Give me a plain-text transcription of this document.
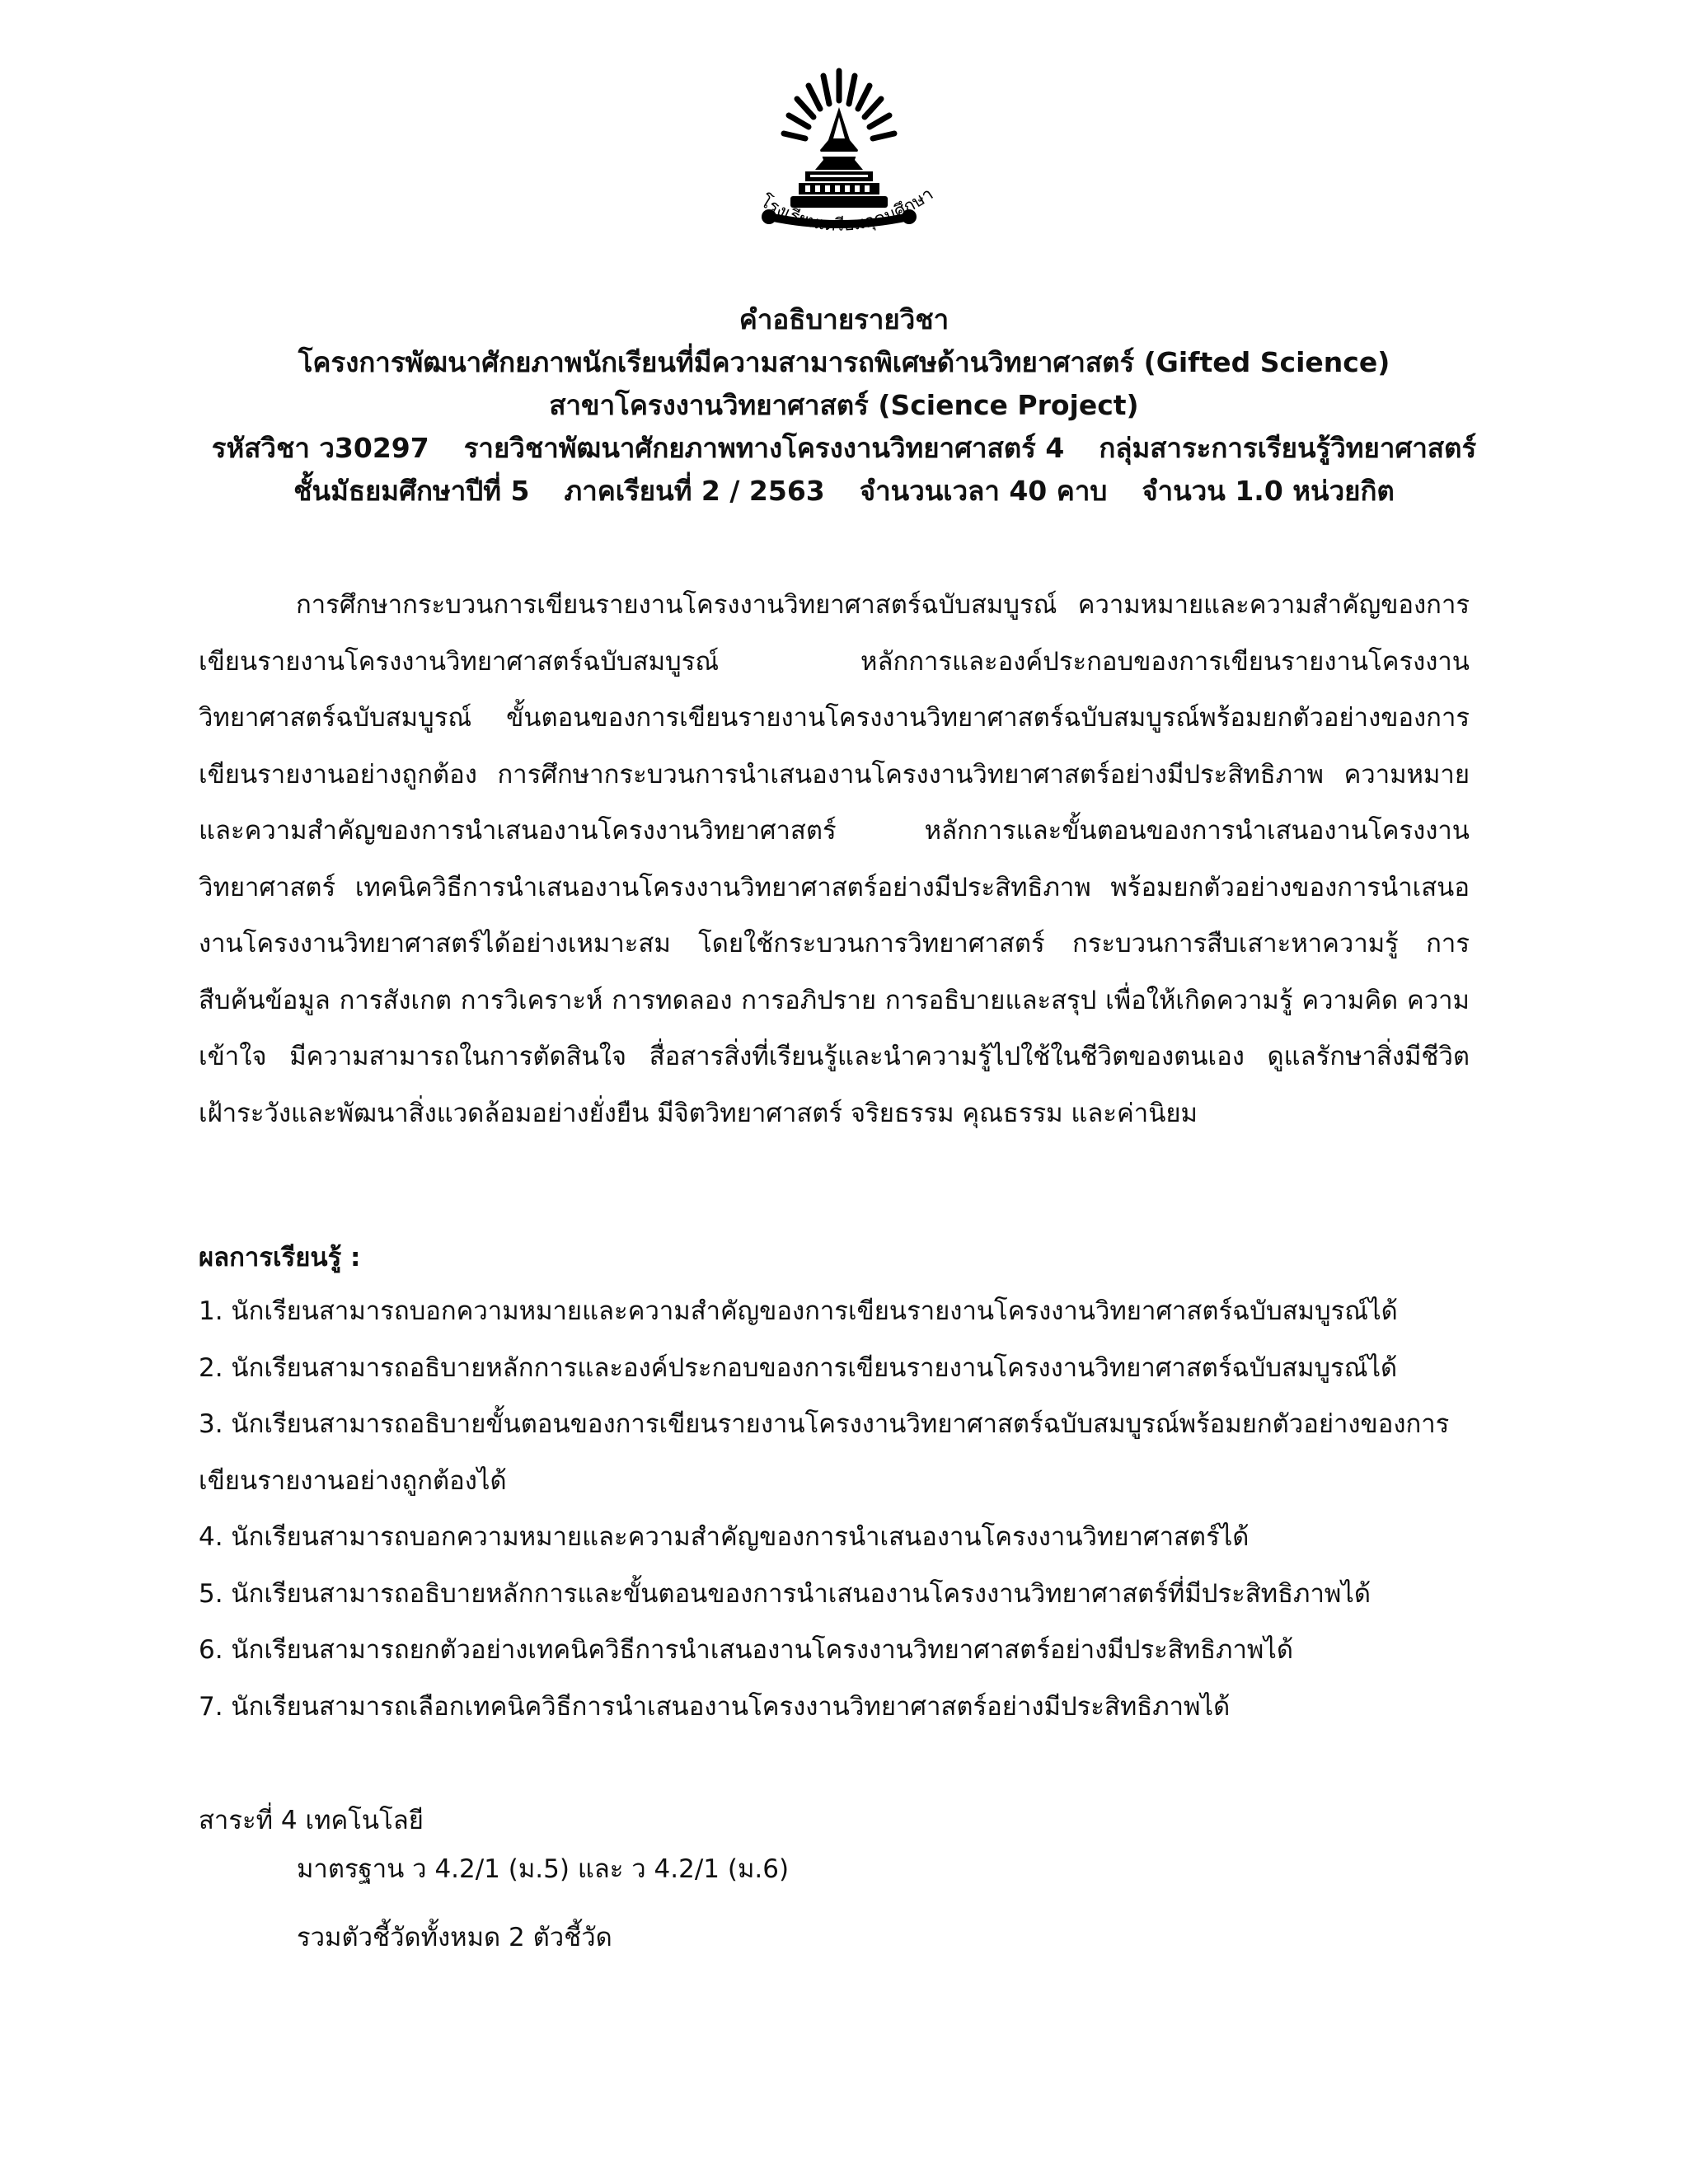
โรงเรียนเตรียมอุดมศึกษา
คำอธิบายรายวิชา
โครงการพัฒนาศักยภาพนักเรียนที่มีความสามารถพิเศษด้านวิทยาศาสตร์ (Gifted Science)
สาขาโครงงานวิทยาศาสตร์ (Science Project)
รหัสวิชา ว30297 รายวิชาพัฒนาศักยภาพทางโครงงานวิทยาศาสตร์ 4 กลุ่มสาระการเรียนรู้วิทยาศาสตร์
ชั้นมัธยมศึกษาปีที่ 5 ภาคเรียนที่ 2 / 2563 จำนวนเวลา 40 คาบ จำนวน 1.0 หน่วยกิต

การศึกษากระบวนการเขียนรายงานโครงงานวิทยาศาสตร์ฉบับสมบูรณ์ ความหมายและความสำคัญของการเขียนรายงานโครงงานวิทยาศาสตร์ฉบับสมบูรณ์ หลักการและองค์ประกอบของการเขียนรายงานโครงงานวิทยาศาสตร์ฉบับสมบูรณ์ ขั้นตอนของการเขียนรายงานโครงงานวิทยาศาสตร์ฉบับสมบูรณ์พร้อมยกตัวอย่างของการเขียนรายงานอย่างถูกต้อง การศึกษากระบวนการนำเสนองานโครงงานวิทยาศาสตร์อย่างมีประสิทธิภาพ ความหมายและความสำคัญของการนำเสนองานโครงงานวิทยาศาสตร์ หลักการและขั้นตอนของการนำเสนองานโครงงานวิทยาศาสตร์ เทคนิควิธีการนำเสนองานโครงงานวิทยาศาสตร์อย่างมีประสิทธิภาพ พร้อมยกตัวอย่างของการนำเสนองานโครงงานวิทยาศาสตร์ได้อย่างเหมาะสม โดยใช้กระบวนการวิทยาศาสตร์ กระบวนการสืบเสาะหาความรู้ การสืบค้นข้อมูล การสังเกต การวิเคราะห์ การทดลอง การอภิปราย การอธิบายและสรุป เพื่อให้เกิดความรู้ ความคิด ความเข้าใจ มีความสามารถในการตัดสินใจ สื่อสารสิ่งที่เรียนรู้และนำความรู้ไปใช้ในชีวิตของตนเอง ดูแลรักษาสิ่งมีชีวิต เฝ้าระวังและพัฒนาสิ่งแวดล้อมอย่างยั่งยืน มีจิตวิทยาศาสตร์ จริยธรรม คุณธรรม และค่านิยม

ผลการเรียนรู้ :
1. นักเรียนสามารถบอกความหมายและความสำคัญของการเขียนรายงานโครงงานวิทยาศาสตร์ฉบับสมบูรณ์ได้
2. นักเรียนสามารถอธิบายหลักการและองค์ประกอบของการเขียนรายงานโครงงานวิทยาศาสตร์ฉบับสมบูรณ์ได้
3. นักเรียนสามารถอธิบายขั้นตอนของการเขียนรายงานโครงงานวิทยาศาสตร์ฉบับสมบูรณ์พร้อมยกตัวอย่างของการเขียนรายงานอย่างถูกต้องได้
4. นักเรียนสามารถบอกความหมายและความสำคัญของการนำเสนองานโครงงานวิทยาศาสตร์ได้
5. นักเรียนสามารถอธิบายหลักการและขั้นตอนของการนำเสนองานโครงงานวิทยาศาสตร์ที่มีประสิทธิภาพได้
6. นักเรียนสามารถยกตัวอย่างเทคนิควิธีการนำเสนองานโครงงานวิทยาศาสตร์อย่างมีประสิทธิภาพได้
7. นักเรียนสามารถเลือกเทคนิควิธีการนำเสนองานโครงงานวิทยาศาสตร์อย่างมีประสิทธิภาพได้
สาระที่ 4 เทคโนโลยี
มาตรฐาน ว 4.2/1 (ม.5) และ ว 4.2/1 (ม.6)
รวมตัวชี้วัดทั้งหมด 2 ตัวชี้วัด
